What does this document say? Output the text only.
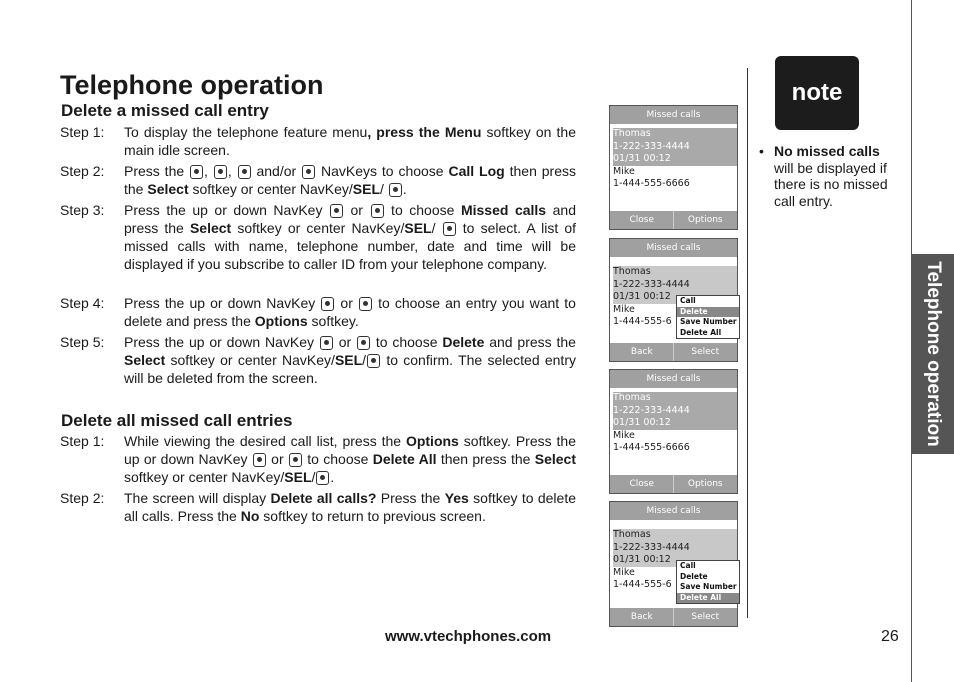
Telephone operation
Delete a missed call entry
Step 1: To display the telephone feature menu, press the Menu softkey on the main idle screen.
Step 2: Press the , ,  and/or  NavKeys to choose Call Log then press the Select softkey or center NavKey/SEL/ .
Step 3: Press the up or down NavKey  or  to choose Missed calls and press the Select softkey or center NavKey/SEL/  to select. A list of missed calls with name, telephone number, date and time will be displayed if you subscribe to caller ID from your telephone company.
Step 4: Press the up or down NavKey  or  to choose an entry you want to delete and press the Options softkey.
Step 5: Press the up or down NavKey  or  to choose Delete and press the Select softkey or center NavKey/SEL/ to confirm. The selected entry will be deleted from the screen.
Delete all missed call entries
Step 1: While viewing the desired call list, press the Options softkey. Press the up or down NavKey  or  to choose Delete All then press the Select softkey or center NavKey/SEL/ .
Step 2: The screen will display Delete all calls? Press the Yes softkey to delete all calls. Press the No softkey to return to previous screen.
Missed calls
Thomas
1-222-333-4444
01/31 00:12
Mike
1-444-555-6666
Close	Options
Missed calls
Thomas
1-222-333-4444
01/31 00:12
Mike
1-444-555-6
Call
Delete
Save Number
Delete All
Back	Select
Missed calls
Thomas
1-222-333-4444
01/31 00:12
Mike
1-444-555-6666
Close	Options
Missed calls
Thomas
1-222-333-4444
01/31 00:12
Mike
1-444-555-6
Call
Delete
Save Number
Delete All
Back	Select
note
• No missed calls will be displayed if there is no missed call entry.
Telephone operation
www.vtechphones.com	26
